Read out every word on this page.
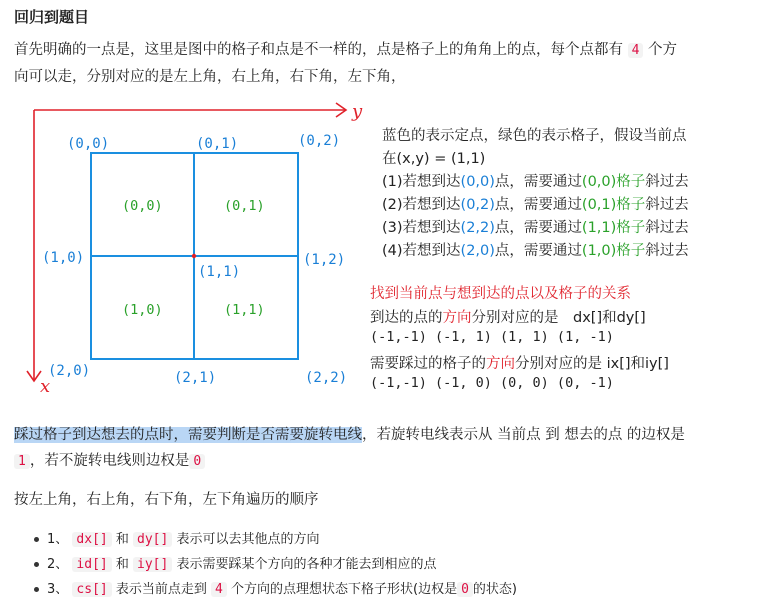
回归到题目
首先明确的一点是，这里是图中的格子和点是不一样的，点是格子上的角角上的点，每个点都有 4 个方
向可以走，分别对应的是左上角，右上角，右下角，左下角，
y
x
(0,0)	(0,1)	(0,2)
(1,0)
(1,1)
(1,2)
(2,0)	(2,1)	(2,2)
(0,0)	(0,1)
(1,0)	(1,1)
蓝色的表示定点，绿色的表示格子，假设当前点
在(x,y) = (1,1)
(1)若想到达(0,0)点，需要通过(0,0)格子斜过去
(2)若想到达(0,2)点，需要通过(0,1)格子斜过去
(3)若想到达(2,2)点，需要通过(1,1)格子斜过去
(4)若想到达(2,0)点，需要通过(1,0)格子斜过去
找到当前点与想到达的点以及格子的关系
到达的点的方向分别对应的是　dx[]和dy[]
(-1,-1) (-1, 1) (1, 1) (1, -1)
需要踩过的格子的方向分别对应的是 ix[]和iy[]
(-1,-1) (-1, 0) (0, 0) (0, -1)
踩过格子到达想去的点时，需要判断是否需要旋转电线，若旋转电线表示从 当前点 到 想去的点 的边权是
1 ，若不旋转电线则边权是 0
按左上角，右上角，右下角，左下角遍历的顺序
1、 dx[] 和 dy[] 表示可以去其他点的方向
2、 id[] 和 iy[] 表示需要踩某个方向的各种才能去到相应的点
3、 cs[] 表示当前点走到 4 个方向的点理想状态下格子形状(边权是 0 的状态)
